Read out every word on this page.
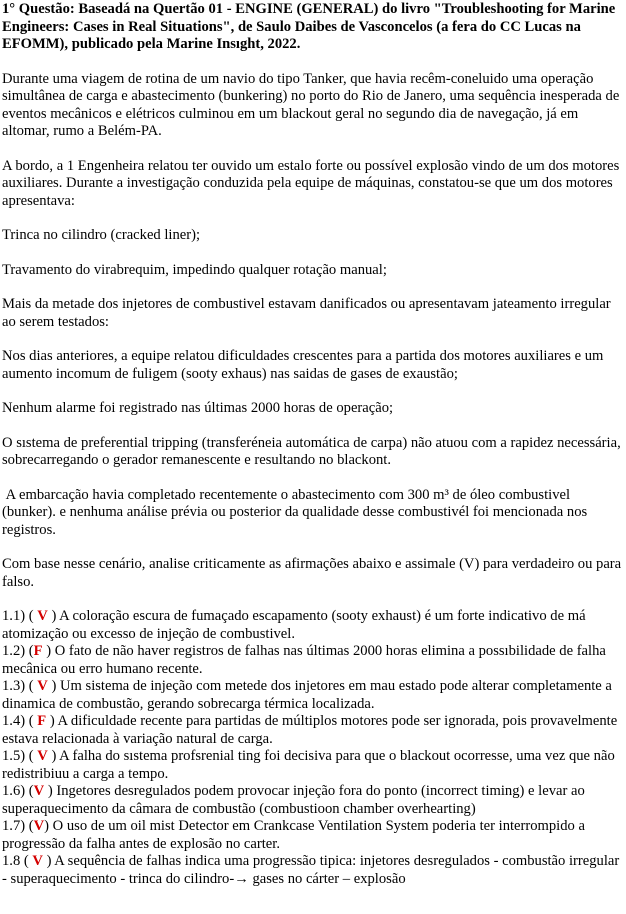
1° Questão: Baseadá na Quertão 01 - ENGINE (GENERAL) do livro "Troubleshooting for Marine Engineers: Cases in Real Situations", de Saulo Daibes de Vasconcelos (a fera do CC Lucas na EFOMM), publicado pela Marine Insıght, 2022.
Durante uma viagem de rotina de um navio do tipo Tanker, que havia recêm-coneluido uma operação simultânea de carga e abastecimento (bunkering) no porto do Rio de Janero, uma sequência inesperada de eventos mecânicos e elétricos culminou em um blackout geral no segundo dia de navegação, já em altomar, rumo a Belém-PA.
A bordo, a 1 Engenheira relatou ter ouvido um estalo forte ou possível explosão vindo de um dos motores auxiliares. Durante a investigação conduzida pela equipe de máquinas, constatou-se que um dos motores apresentava:
Trinca no cilindro (cracked liner);
Travamento do virabrequim, impedindo qualquer rotação manual;
Mais da metade dos injetores de combustivel estavam danificados ou apresentavam jateamento irregular ao serem testados:
Nos dias anteriores, a equipe relatou dificuldades crescentes para a partida dos motores auxiliares e um aumento incomum de fuligem (sooty exhaus) nas saidas de gases de exaustão;
Nenhum alarme foi registrado nas últimas 2000 horas de operação;
O sıstema de preferential tripping (transferéneia automática de carpa) não atuou com a rapidez necessária, sobrecarregando o gerador remanescente e resultando no blackont.
A embarcação havia completado recentemente o abastecimento com 300 m³ de óleo combustivel (bunker). e nenhuma análise prévia ou posterior da qualidade desse combustivél foi mencionada nos registros.
Com base nesse cenário, analise criticamente as afirmações abaixo e assimale (V) para verdadeiro ou para falso.
1.1) ( V ) A coloração escura de fumaçado escapamento (sooty exhaust) é um forte indicativo de má atomização ou excesso de injeção de combustivel.
1.2) (F ) O fato de não haver registros de falhas nas últimas 2000 horas elimina a possıbilidade de falha mecânica ou erro humano recente.
1.3) ( V ) Um sistema de injeção com metede dos injetores em mau estado pode alterar completamente a dinamica de combustão, gerando sobrecarga térmica localizada.
1.4) ( F ) A dificuldade recente para partidas de múltiplos motores pode ser ignorada, pois provavelmente estava relacionada à variação natural de carga.
1.5) ( V ) A falha do sıstema profsrenial ting foi decisiva para que o blackout ocorresse, uma vez que não redistribiuu a carga a tempo.
1.6) (V ) Ingetores desregulados podem provocar injeção fora do ponto (incorrect timing) e levar ao superaquecimento da câmara de combustão (combustioon chamber overhearting)
1.7) (V) O uso de um oil mist Detector em Crankcase Ventilation System poderia ter interrompido a progressão da falha antes de explosão no carter.
1.8 ( V ) A sequência de falhas indica uma progressão tipica: injetores desregulados - combustão irregular - superaquecimento - trinca do cilindro-→ gases no cárter – explosão
